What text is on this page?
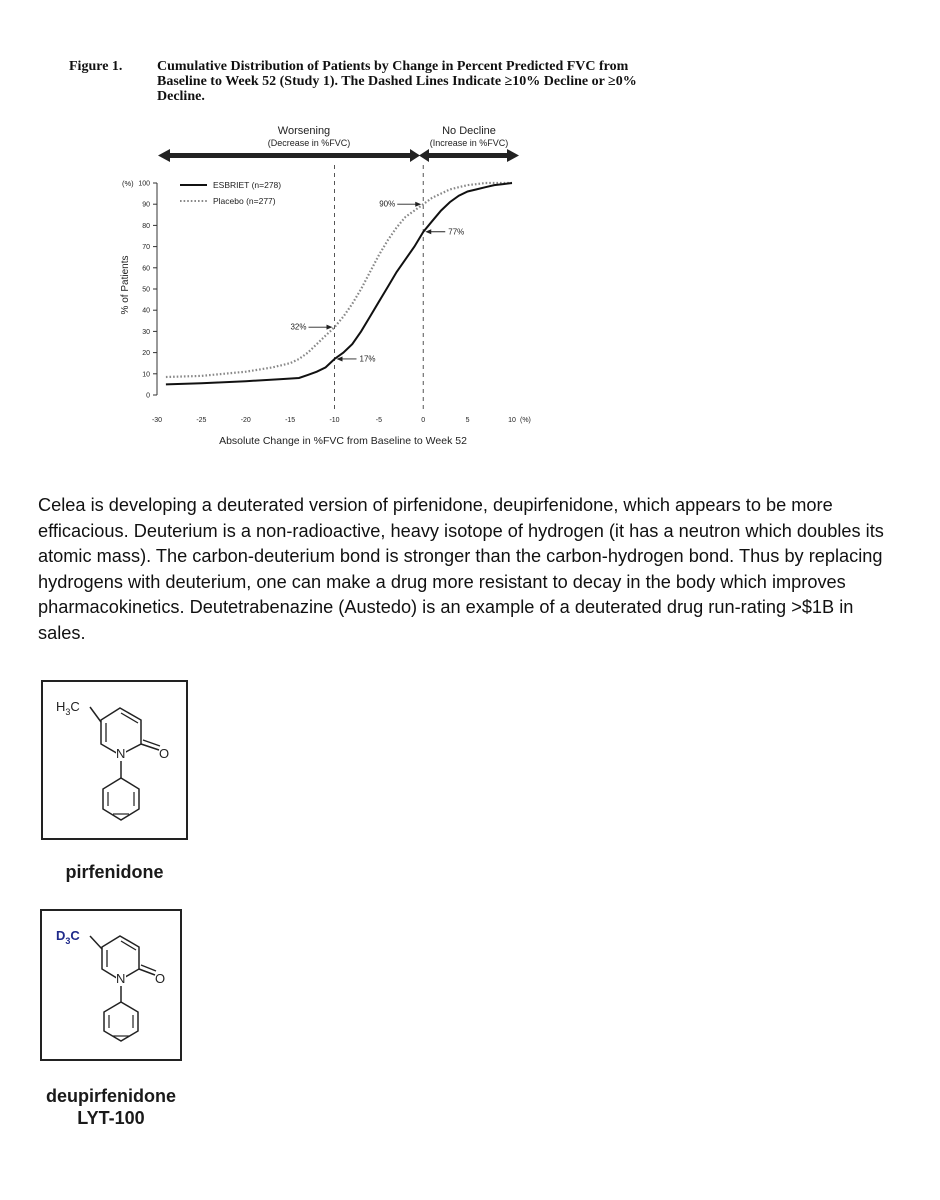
Figure 1. Cumulative Distribution of Patients by Change in Percent Predicted FVC from Baseline to Week 52 (Study 1). The Dashed Lines Indicate ≥10% Decline or ≥0% Decline.
Worsening
(Decrease in %FVC)
No Decline
(Increase in %FVC)
(%)
% of Patients
0
10
20
30
40
50
60
70
80
90
100
-30	-25	-20	-15	-10	-5	0	5	10 (%)
Absolute Change in %FVC from Baseline to Week 52
ESBRIET (n=278)
Placebo (n=277)	90%
77%
32%
17%
Celea is developing a deuterated version of pirfenidone, deupirfenidone, which appears to be more efficacious. Deuterium is a non-radioactive, heavy isotope of hydrogen (it has a neutron which doubles its atomic mass). The carbon-deuterium bond is stronger than the carbon-hydrogen bond. Thus by replacing hydrogens with deuterium, one can make a drug more resistant to decay in the body which improves pharmacokinetics. Deutetrabenazine (Austedo) is an example of a deuterated drug run-rating >$1B in sales.
$H_3C$
N	O
pirfenidone
$D_3C$
N O
deupirfenidone
LYT-100
